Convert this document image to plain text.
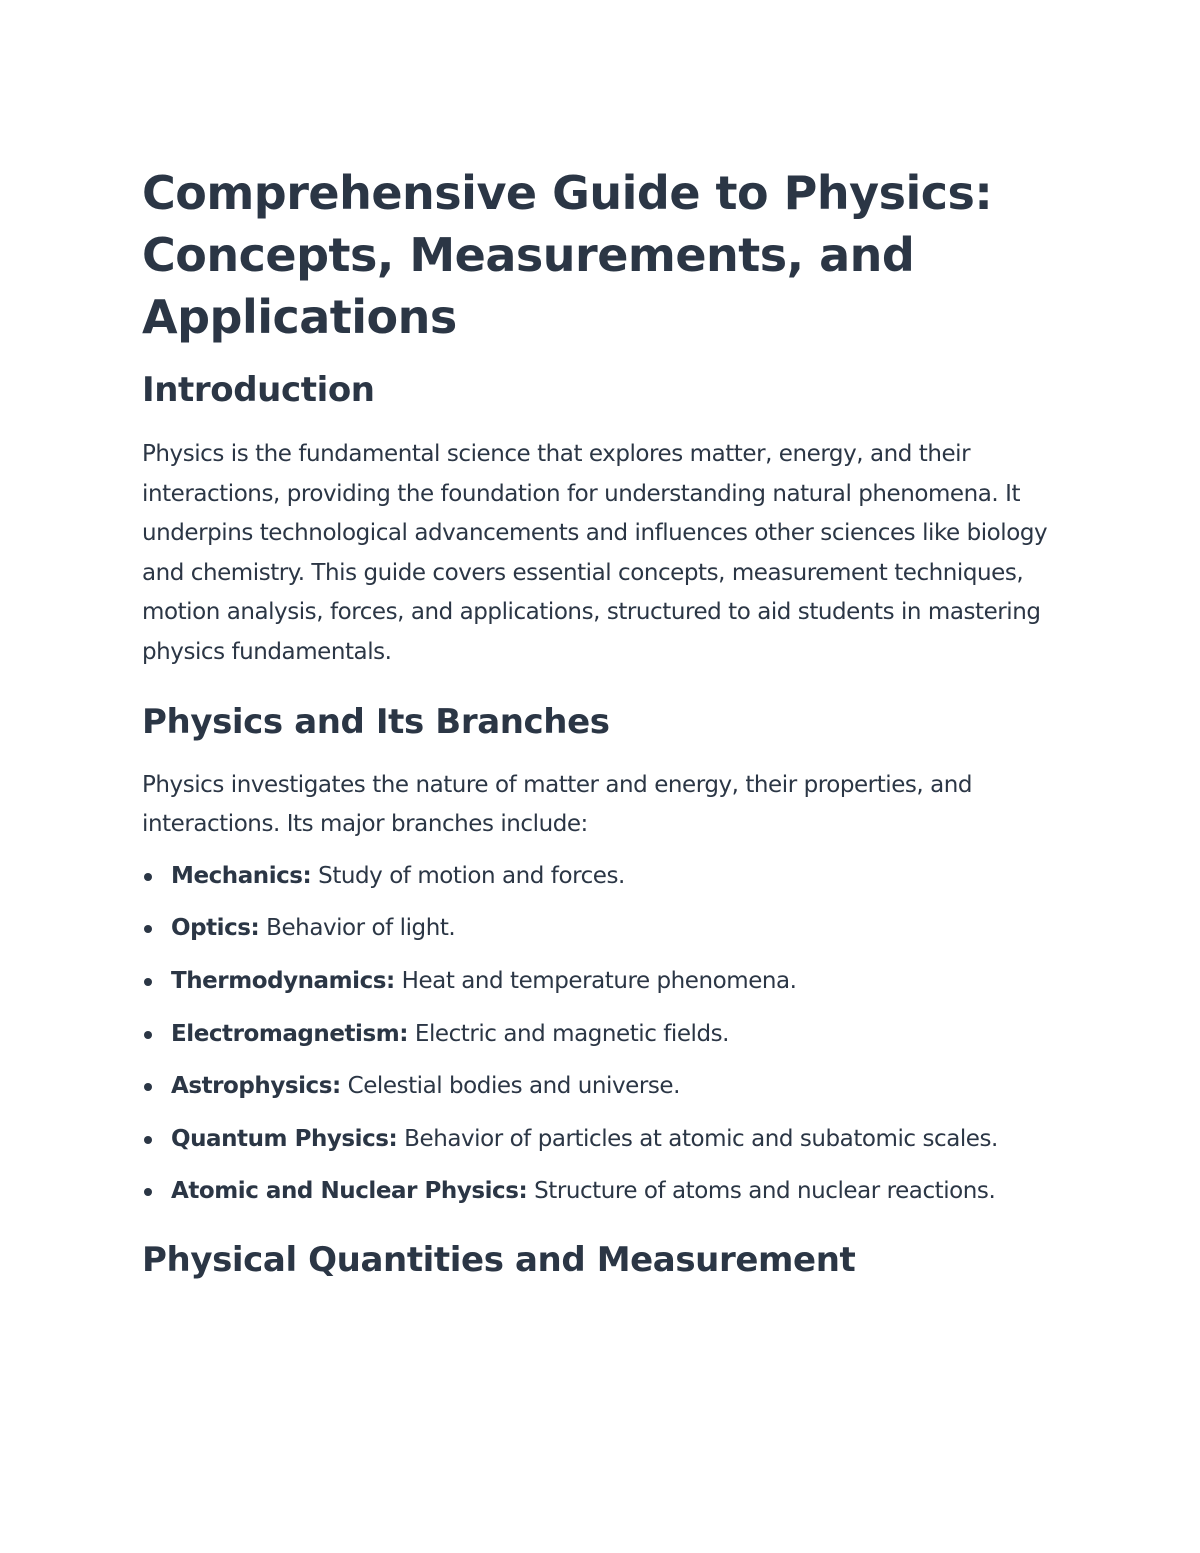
Comprehensive Guide to Physics: Concepts, Measurements, and Applications
Introduction

Physics is the fundamental science that explores matter, energy, and their interactions, providing the foundation for understanding natural phenomena. It underpins technological advancements and influences other sciences like biology and chemistry. This guide covers essential concepts, measurement techniques, motion analysis, forces, and applications, structured to aid students in mastering physics fundamentals.

Physics and Its Branches

Physics investigates the nature of matter and energy, their properties, and interactions. Its major branches include:

Mechanics: Study of motion and forces.
Optics: Behavior of light.
Thermodynamics: Heat and temperature phenomena.
Electromagnetism: Electric and magnetic fields.
Astrophysics: Celestial bodies and universe.
Quantum Physics: Behavior of particles at atomic and subatomic scales.
Atomic and Nuclear Physics: Structure of atoms and nuclear reactions.
Physical Quantities and Measurement
